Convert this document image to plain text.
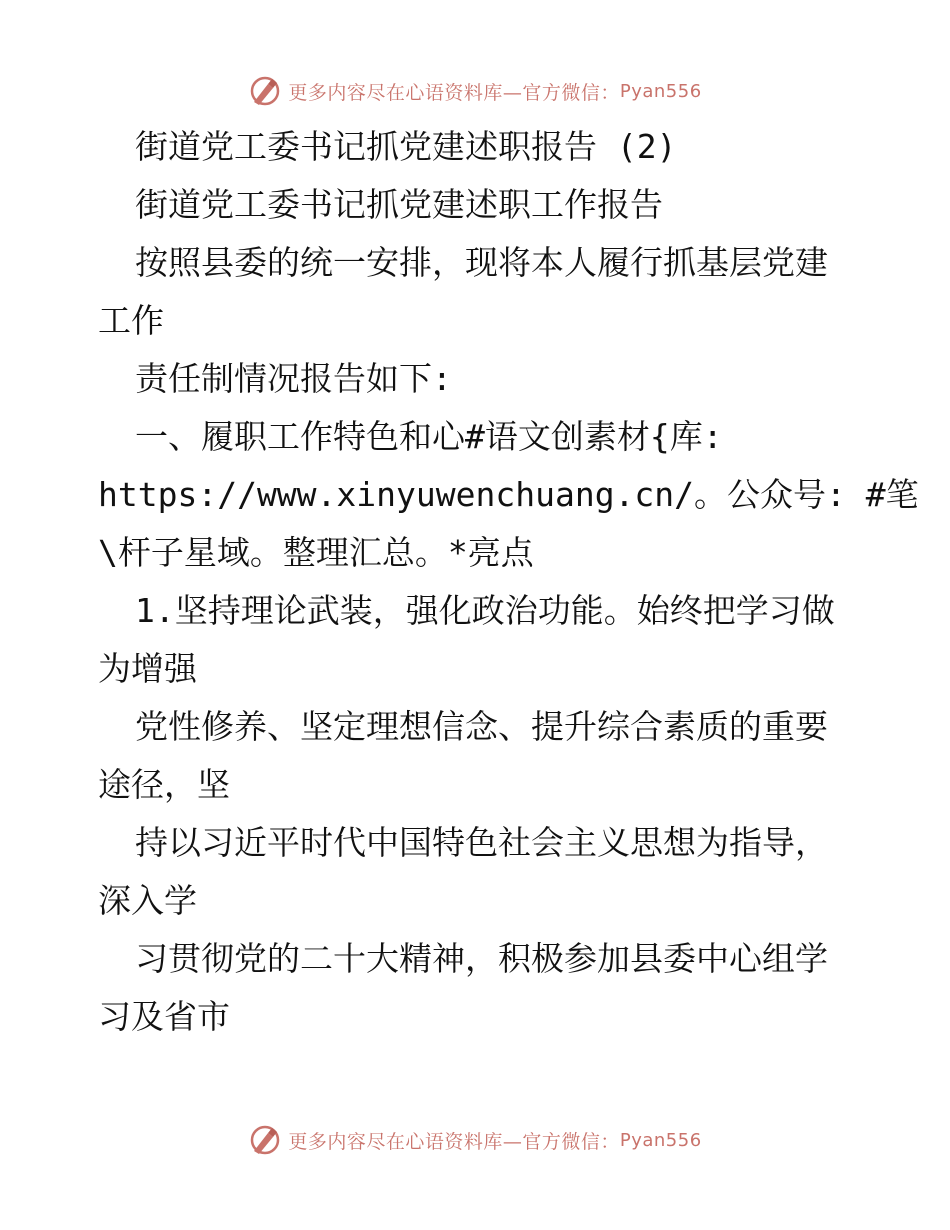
更多内容尽在心语资料库—官方微信： Pyan556
街道党工委书记抓党建述职报告 (2)
街道党工委书记抓党建述职工作报告
按照县委的统一安排，现将本人履行抓基层党建
工作
责任制情况报告如下:
一、履职工作特色和心#语文创素材{库:
https://www.xinyuwenchuang.cn/。公众号: #笔
\杆子星域。整理汇总。*亮点
1.坚持理论武装，强化政治功能。始终把学习做
为增强
党性修养、坚定理想信念、提升综合素质的重要
途径，坚
持以习近平时代中国特色社会主义思想为指导，
深入学
习贯彻党的二十大精神，积极参加县委中心组学
习及省市
更多内容尽在心语资料库—官方微信： Pyan556
